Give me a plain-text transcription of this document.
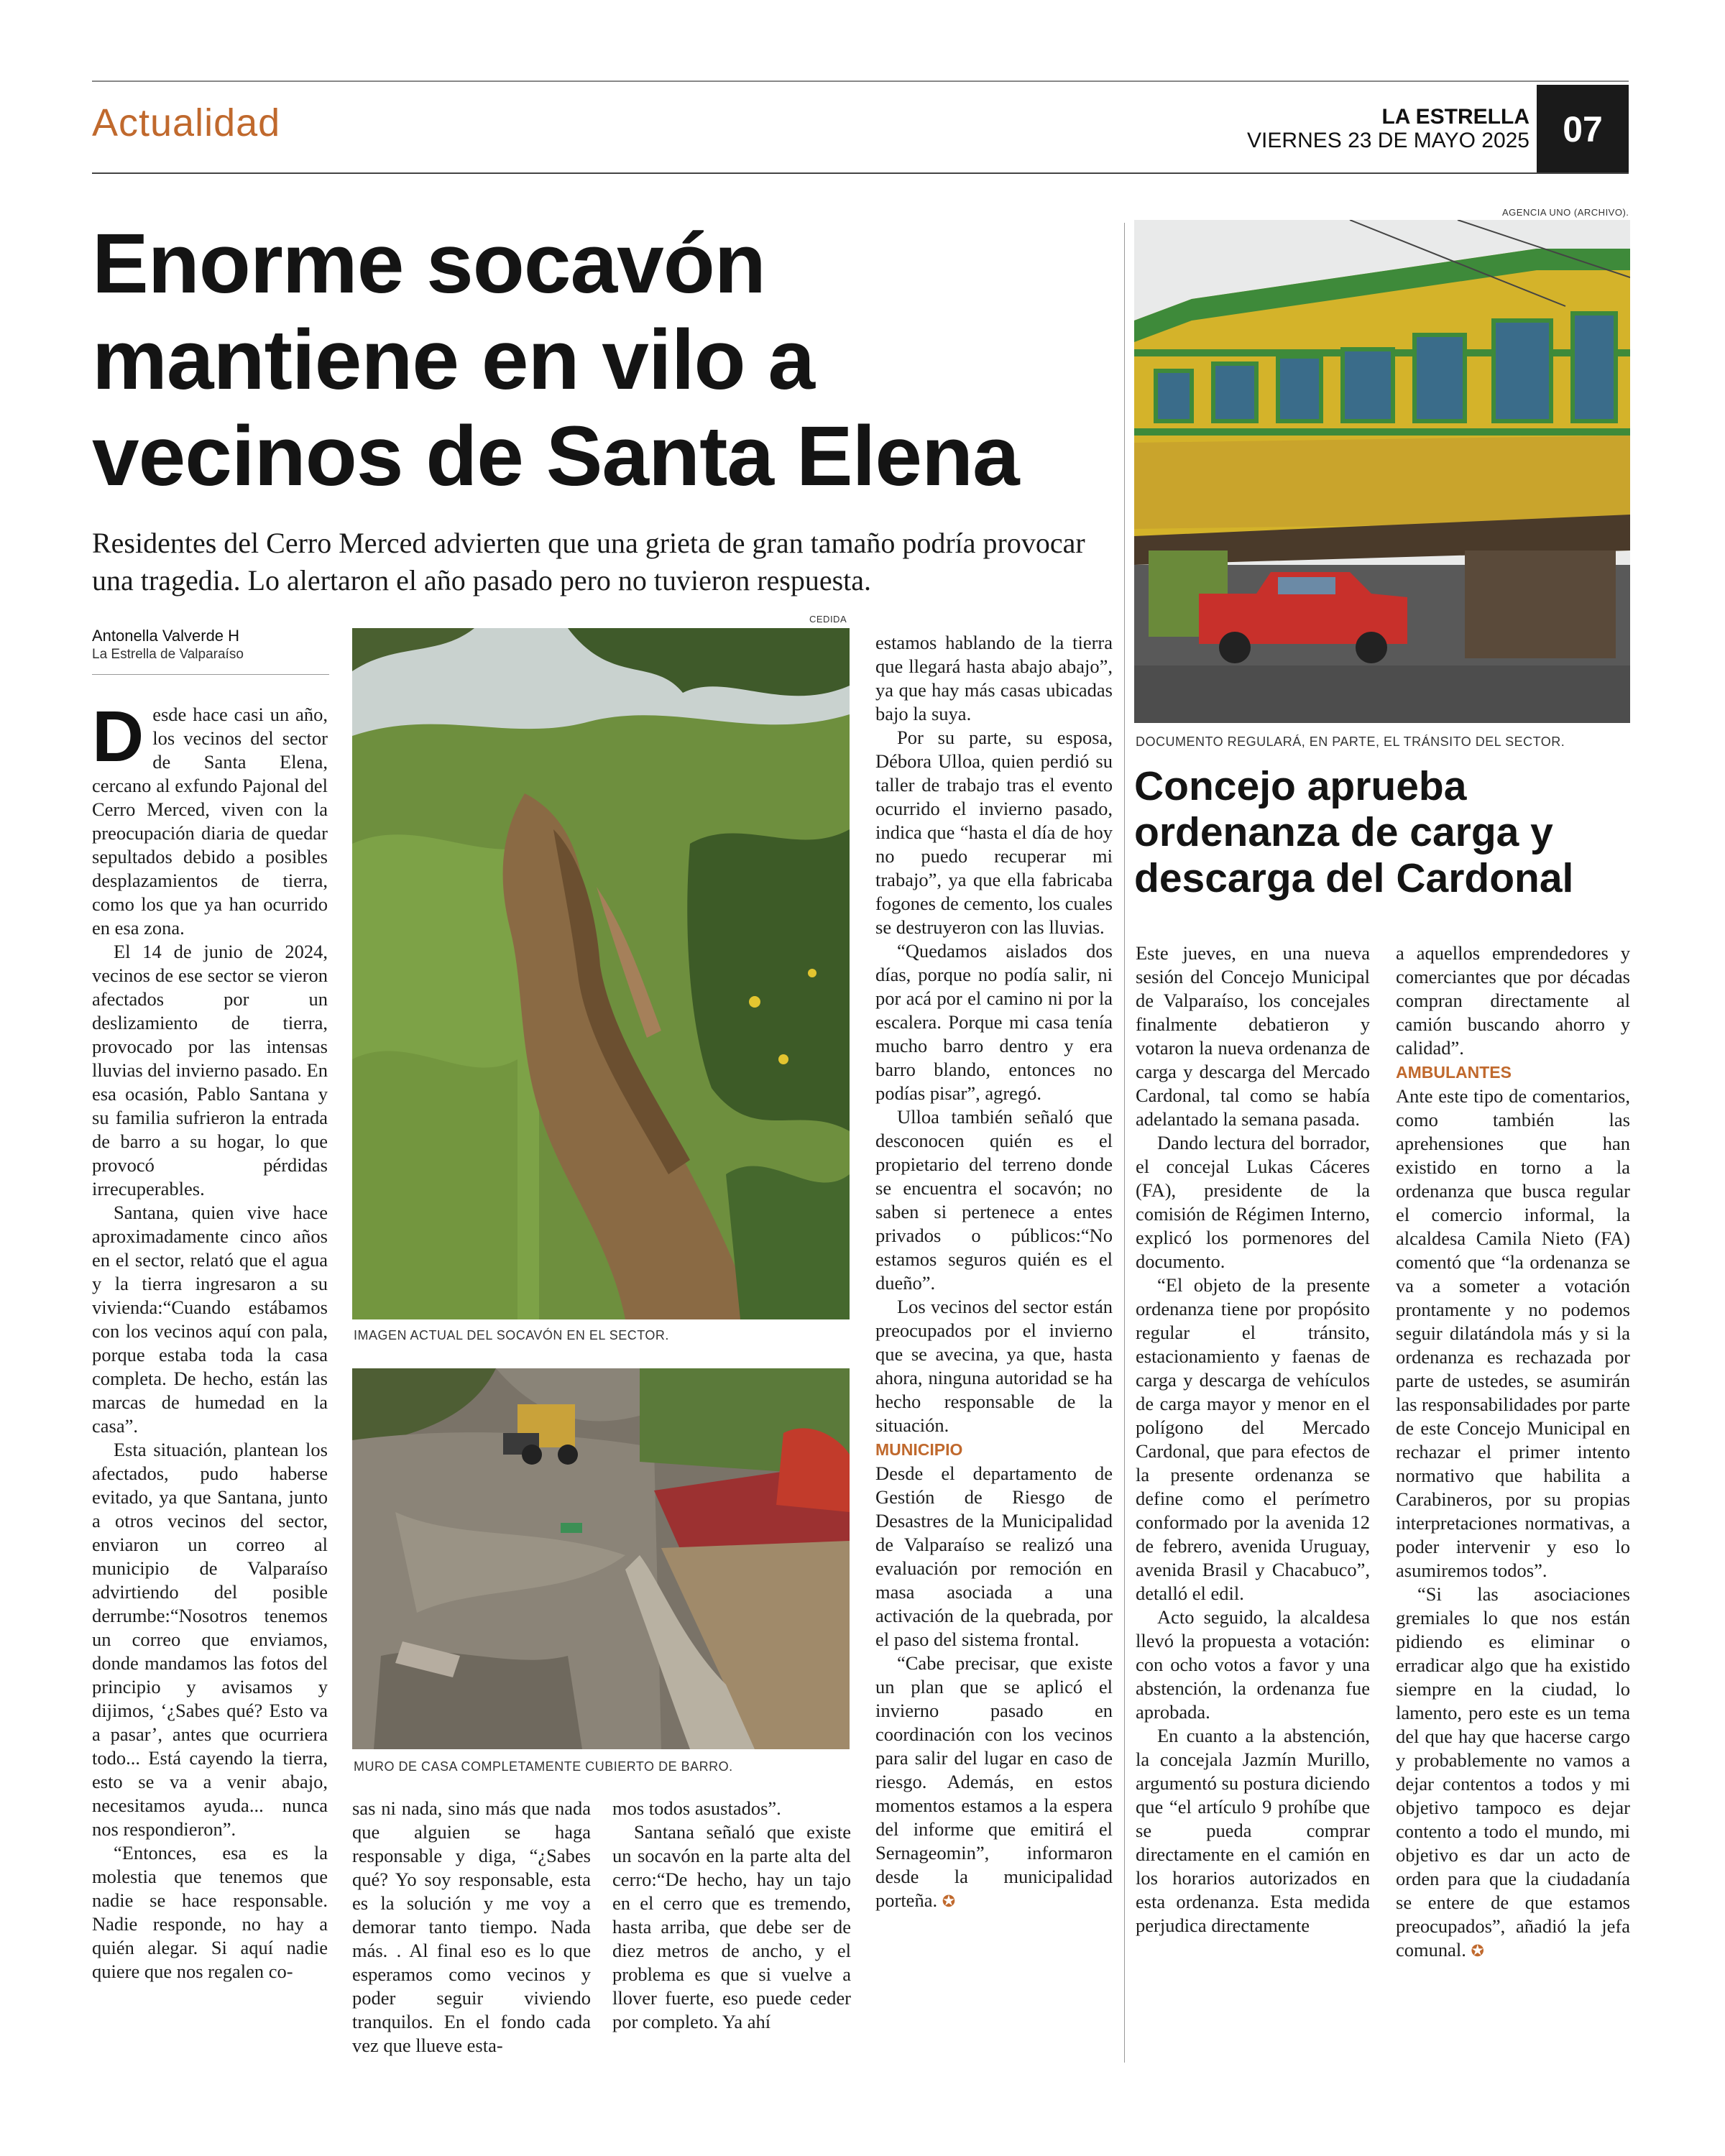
Actualidad	LA ESTRELLA
VIERNES 23 DE MAYO 2025 07
Enorme socavón mantiene en vilo a vecinos de Santa Elena
Residentes del Cerro Merced advierten que una grieta de gran tamaño podría provocar una tragedia. Lo alertaron el año pasado pero no tuvieron respuesta.
Antonella Valverde H
La Estrella de Valparaíso

Desde hace casi un año, los vecinos del sector de Santa Elena, cercano al exfundo Pajonal del Cerro Merced, viven con la preocupación diaria de quedar sepultados debido a posibles desplazamientos de tierra, como los que ya han ocurrido en esa zona.

El 14 de junio de 2024, vecinos de ese sector se vieron afectados por un deslizamiento de tierra, provocado por las intensas lluvias del invierno pasado. En esa ocasión, Pablo Santana y su familia sufrieron la entrada de barro a su hogar, lo que provocó pérdidas irrecuperables.

Santana, quien vive hace aproximadamente cinco años en el sector, relató que el agua y la tierra ingresaron a su vivienda:“Cuando estábamos con los vecinos aquí con pala, porque estaba toda la casa completa. De hecho, están las marcas de humedad en la casa”.

Esta situación, plantean los afectados, pudo haberse evitado, ya que Santana, junto a otros vecinos del sector, enviaron un correo al municipio de Valparaíso advirtiendo del posible derrumbe:“Nosotros tenemos un correo que enviamos, donde mandamos las fotos del principio y avisamos y dijimos, ‘¿Sabes qué? Esto va a pasar’, antes que ocurriera todo... Está cayendo la tierra, esto se va a venir abajo, necesitamos ayuda... nunca nos respondieron”.

“Entonces, esa es la molestia que tenemos que nadie se hace responsable. Nadie responde, no hay a quién alegar. Si aquí nadie quiere que nos regalen co-

CEDIDA
IMAGEN ACTUAL DEL SOCAVÓN EN EL SECTOR.
MURO DE CASA COMPLETAMENTE CUBIERTO DE BARRO.

sas ni nada, sino más que nada que alguien se haga responsable y diga, “¿Sabes qué? Yo soy responsable, esta es la solución y me voy a demorar tanto tiempo. Nada más. . Al final eso es lo que esperamos como vecinos y poder seguir viviendo tranquilos. En el fondo cada vez que llueve esta-

mos todos asustados”.

Santana señaló que existe un socavón en la parte alta del cerro:“De hecho, hay un tajo en el cerro que es tremendo, hasta arriba, que debe ser de diez metros de ancho, y el problema es que si vuelve a llover fuerte, eso puede ceder por completo. Ya ahí

estamos hablando de la tierra que llegará hasta abajo abajo”, ya que hay más casas ubicadas bajo la suya.

Por su parte, su esposa, Débora Ulloa, quien perdió su taller de trabajo tras el evento ocurrido el invierno pasado, indica que “hasta el día de hoy no puedo recuperar mi trabajo”, ya que ella fabricaba fogones de cemento, los cuales se destruyeron con las lluvias.

“Quedamos aislados dos días, porque no podía salir, ni por acá por el camino ni por la escalera. Porque mi casa tenía mucho barro dentro y era barro blando, entonces no podías pisar”, agregó.

Ulloa también señaló que desconocen quién es el propietario del terreno donde se encuentra el socavón; no saben si pertenece a entes privados o públicos:“No estamos seguros quién es el dueño”.

Los vecinos del sector están preocupados por el invierno que se avecina, ya que, hasta ahora, ninguna autoridad se ha hecho responsable de la situación.

MUNICIPIO

Desde el departamento de Gestión de Riesgo de Desastres de la Municipalidad de Valparaíso se realizó una evaluación por remoción en masa asociada a una activación de la quebrada, por el paso del sistema frontal.

“Cabe precisar, que existe un plan que se aplicó el invierno pasado en coordinación con los vecinos para salir del lugar en caso de riesgo. Además, en estos momentos estamos a la espera del informe que emitirá el Sernageomin”, informaron desde la municipalidad porteña. ✪

AGENCIA UNO (ARCHIVO).
DOCUMENTO REGULARÁ, EN PARTE, EL TRÁNSITO DEL SECTOR.
Concejo aprueba ordenanza de carga y descarga del Cardonal

Este jueves, en una nueva sesión del Concejo Municipal de Valparaíso, los concejales finalmente debatieron y votaron la nueva ordenanza de carga y descarga del Mercado Cardonal, tal como se había adelantado la semana pasada.

Dando lectura del borrador, el concejal Lukas Cáceres (FA), presidente de la comisión de Régimen Interno, explicó los pormenores del documento.

“El objeto de la presente ordenanza tiene por propósito regular el tránsito, estacionamiento y faenas de carga y descarga de vehículos de carga mayor y menor en el polígono del Mercado Cardonal, que para efectos de la presente ordenanza se define como el perímetro conformado por la avenida 12 de febrero, avenida Uruguay, avenida Brasil y Chacabuco”, detalló el edil.

Acto seguido, la alcaldesa llevó la propuesta a votación: con ocho votos a favor y una abstención, la ordenanza fue aprobada.

En cuanto a la abstención, la concejala Jazmín Murillo, argumentó su postura diciendo que “el artículo 9 prohíbe que se pueda comprar directamente en el camión en los horarios autorizados en esta ordenanza. Esta medida perjudica directamente

a aquellos emprendedores y comerciantes que por décadas compran directamente al camión buscando ahorro y calidad”.

AMBULANTES

Ante este tipo de comentarios, como también las aprehensiones que han existido en torno a la ordenanza que busca regular el comercio informal, la alcaldesa Camila Nieto (FA) comentó que “la ordenanza se va a someter a votación prontamente y no podemos seguir dilatándola más y si la ordenanza es rechazada por parte de ustedes, se asumirán las responsabilidades por parte de este Concejo Municipal en rechazar el primer intento normativo que habilita a Carabineros, por su propias interpretaciones normativas, a poder intervenir y eso lo asumiremos todos”.

“Si las asociaciones gremiales lo que nos están pidiendo es eliminar o erradicar algo que ha existido siempre en la ciudad, lo lamento, pero este es un tema del que hay que hacerse cargo y probablemente no vamos a dejar contentos a todos y mi objetivo tampoco es dejar contento a todo el mundo, mi objetivo es dar un acto de orden para que la ciudadanía se entere de que estamos preocupados”, añadió la jefa comunal. ✪
